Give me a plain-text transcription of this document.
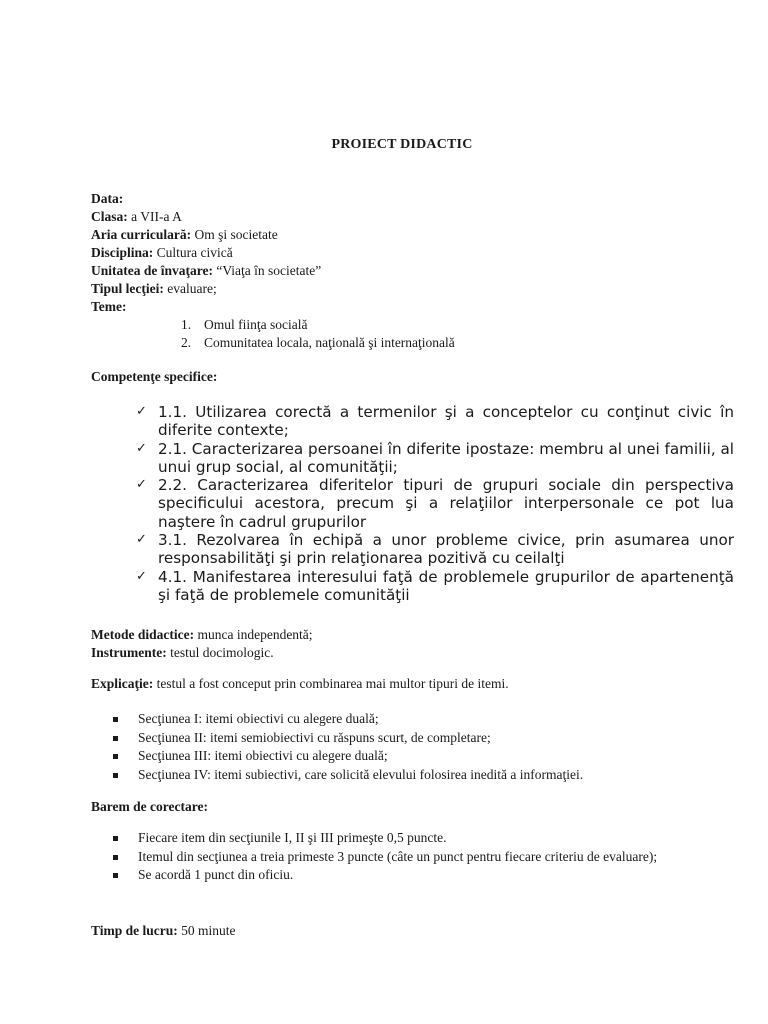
PROIECT DIDACTIC
Data:
Clasa: a VII-a A
Aria curriculară: Om şi societate
Disciplina: Cultura civică
Unitatea de învaţare: “Viaţa în societate”
Tipul lecţiei: evaluare;
Teme:
1. Omul fiinţa socială
2. Comunitatea locala, naţională şi internaţională
Competenţe specifice:
✓ 1.1. Utilizarea corectă a termenilor şi a conceptelor cu conţinut civic în diferite contexte;
✓ 2.1. Caracterizarea persoanei în diferite ipostaze: membru al unei familii, al unui grup social, al comunităţii;
✓ 2.2. Caracterizarea diferitelor tipuri de grupuri sociale din perspectiva specificului acestora, precum şi a relaţiilor interpersonale ce pot lua naştere în cadrul grupurilor
✓ 3.1. Rezolvarea în echipă a unor probleme civice, prin asumarea unor responsabilităţi şi prin relaţionarea pozitivă cu ceilalţi
✓ 4.1. Manifestarea interesului faţă de problemele grupurilor de apartenenţă şi faţă de problemele comunităţii
Metode didactice: munca independentă;
Instrumente: testul docimologic.
Explicaţie: testul a fost conceput prin combinarea mai multor tipuri de itemi.
Secţiunea I: itemi obiectivi cu alegere duală;
Secţiunea II: itemi semiobiectivi cu răspuns scurt, de completare;
Secţiunea III: itemi obiectivi cu alegere duală;
Secţiunea IV: itemi subiectivi, care solicită elevului folosirea inedită a informaţiei.
Barem de corectare:
Fiecare item din secţiunile I, II şi III primeşte 0,5 puncte.
Itemul din secţiunea a treia primeste 3 puncte (câte un punct pentru fiecare criteriu de evaluare);
Se acordă 1 punct din oficiu.
Timp de lucru: 50 minute
